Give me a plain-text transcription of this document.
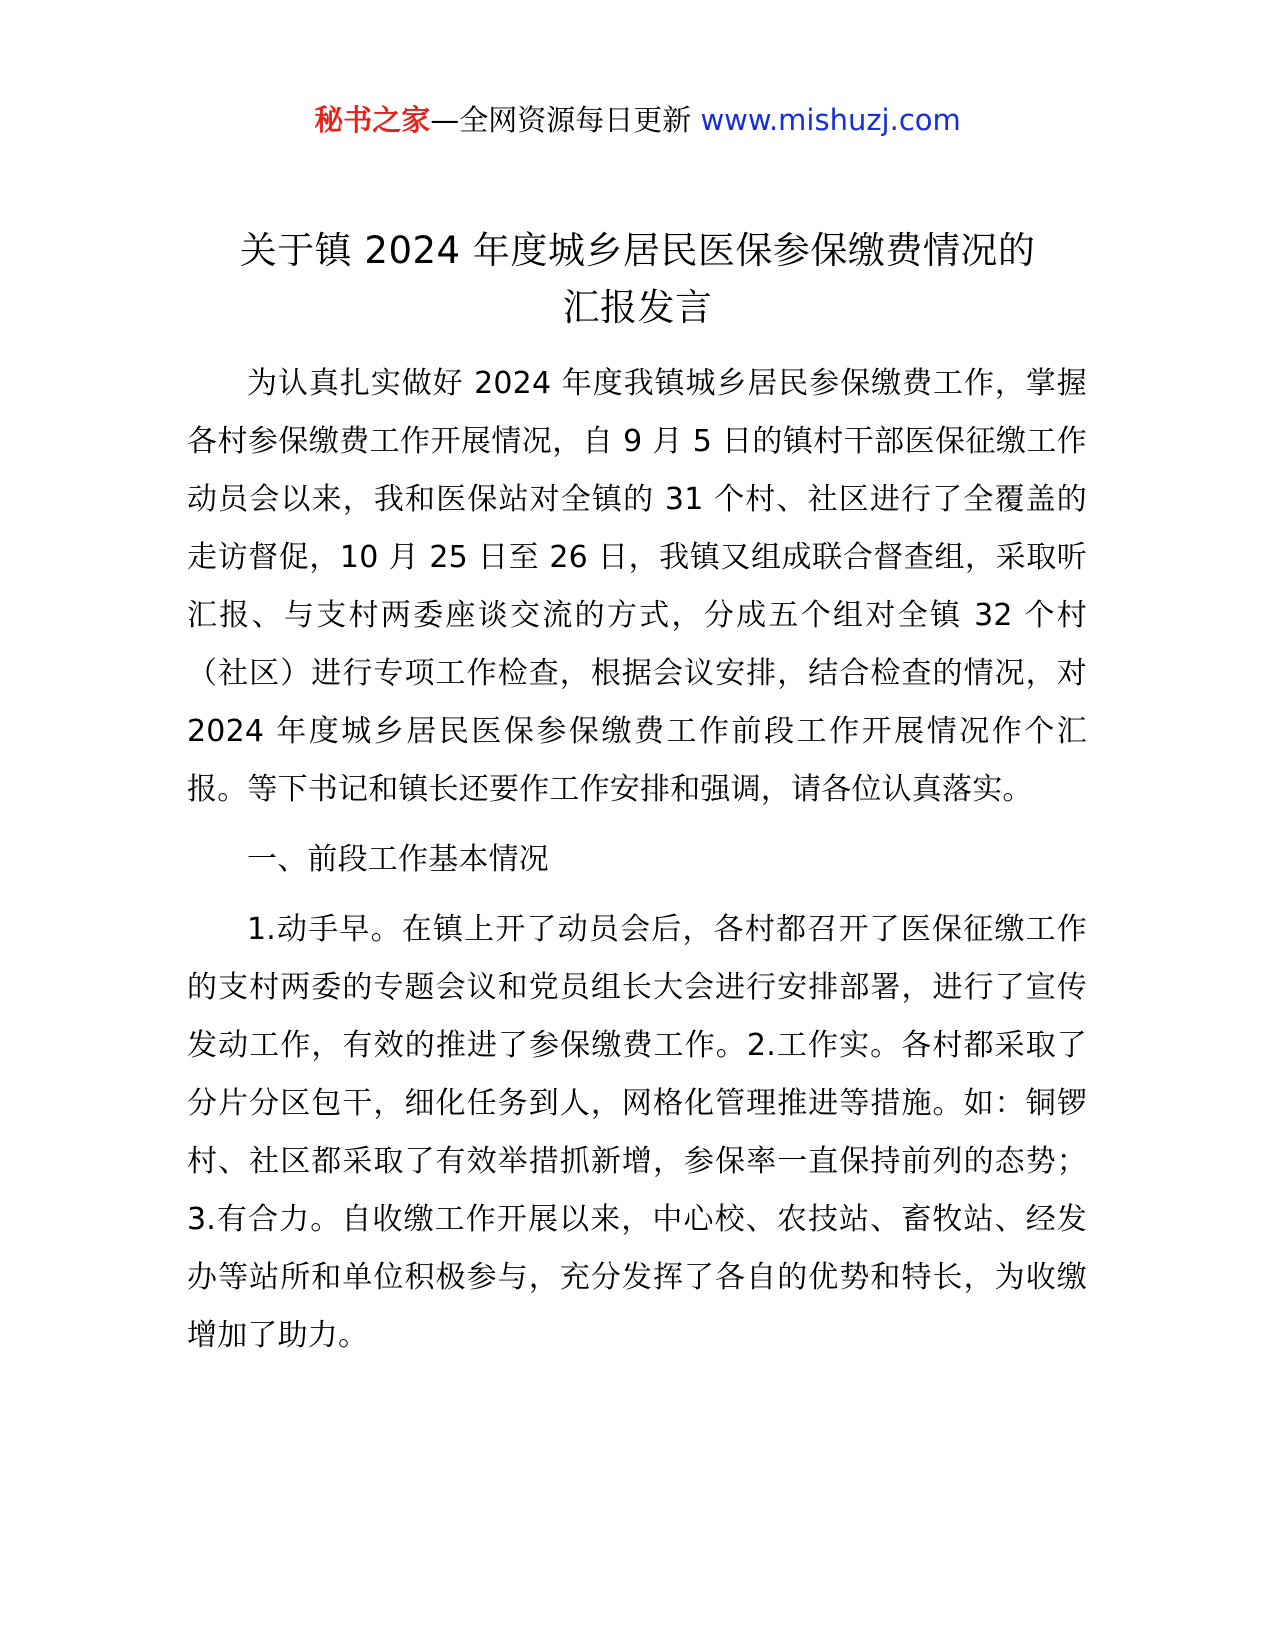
秘书之家—全网资源每日更新 www.mishuzj.com
关于镇 2024 年度城乡居民医保参保缴费情况的
汇报发言

为认真扎实做好 2024 年度我镇城乡居民参保缴费工作，掌握各村参保缴费工作开展情况，自 9 月 5 日的镇村干部医保征缴工作动员会以来，我和医保站对全镇的 31 个村、社区进行了全覆盖的走访督促，10 月 25 日至 26 日，我镇又组成联合督查组，采取听汇报、与支村两委座谈交流的方式，分成五个组对全镇 32 个村（社区）进行专项工作检查，根据会议安排，结合检查的情况，对 2024 年度城乡居民医保参保缴费工作前段工作开展情况作个汇报。等下书记和镇长还要作工作安排和强调，请各位认真落实。

一、前段工作基本情况

1.动手早。在镇上开了动员会后，各村都召开了医保征缴工作的支村两委的专题会议和党员组长大会进行安排部署，进行了宣传发动工作，有效的推进了参保缴费工作。2.工作实。各村都采取了分片分区包干，细化任务到人，网格化管理推进等措施。如：铜锣村、社区都采取了有效举措抓新增，参保率一直保持前列的态势；3.有合力。自收缴工作开展以来，中心校、农技站、畜牧站、经发办等站所和单位积极参与，充分发挥了各自的优势和特长，为收缴增加了助力。
